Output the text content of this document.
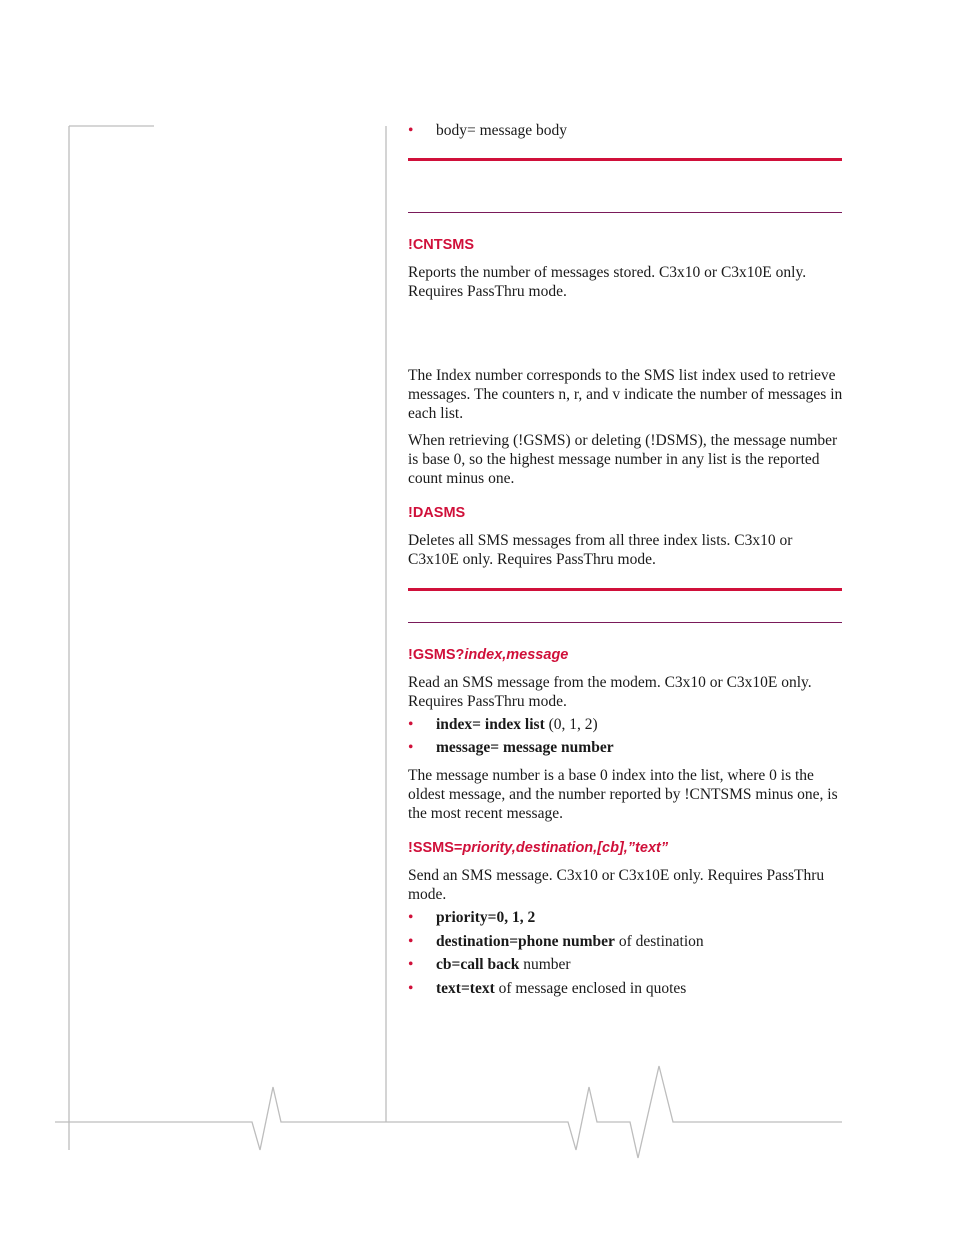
• body= message body

!CNTSMS

Reports the number of messages stored. C3x10 or C3x10E only. Requires PassThru mode.

The Index number corresponds to the SMS list index used to retrieve messages. The counters n, r, and v indicate the number of messages in each list.

When retrieving (!GSMS) or deleting (!DSMS), the message number is base 0, so the highest message number in any list is the reported count minus one.

!DASMS

Deletes all SMS messages from all three index lists. C3x10 or C3x10E only. Requires PassThru mode.

!GSMS?index,message

Read an SMS message from the modem. C3x10 or C3x10E only. Requires PassThru mode.

• index= index list (0, 1, 2)

• message= message number

The message number is a base 0 index into the list, where 0 is the oldest message, and the number reported by !CNTSMS minus one, is the most recent message.

!SSMS=priority,destination,[cb],”text”

Send an SMS message. C3x10 or C3x10E only. Requires PassThru mode.

• priority=0, 1, 2

• destination=phone number of destination

• cb=call back number

• text=text of message enclosed in quotes
